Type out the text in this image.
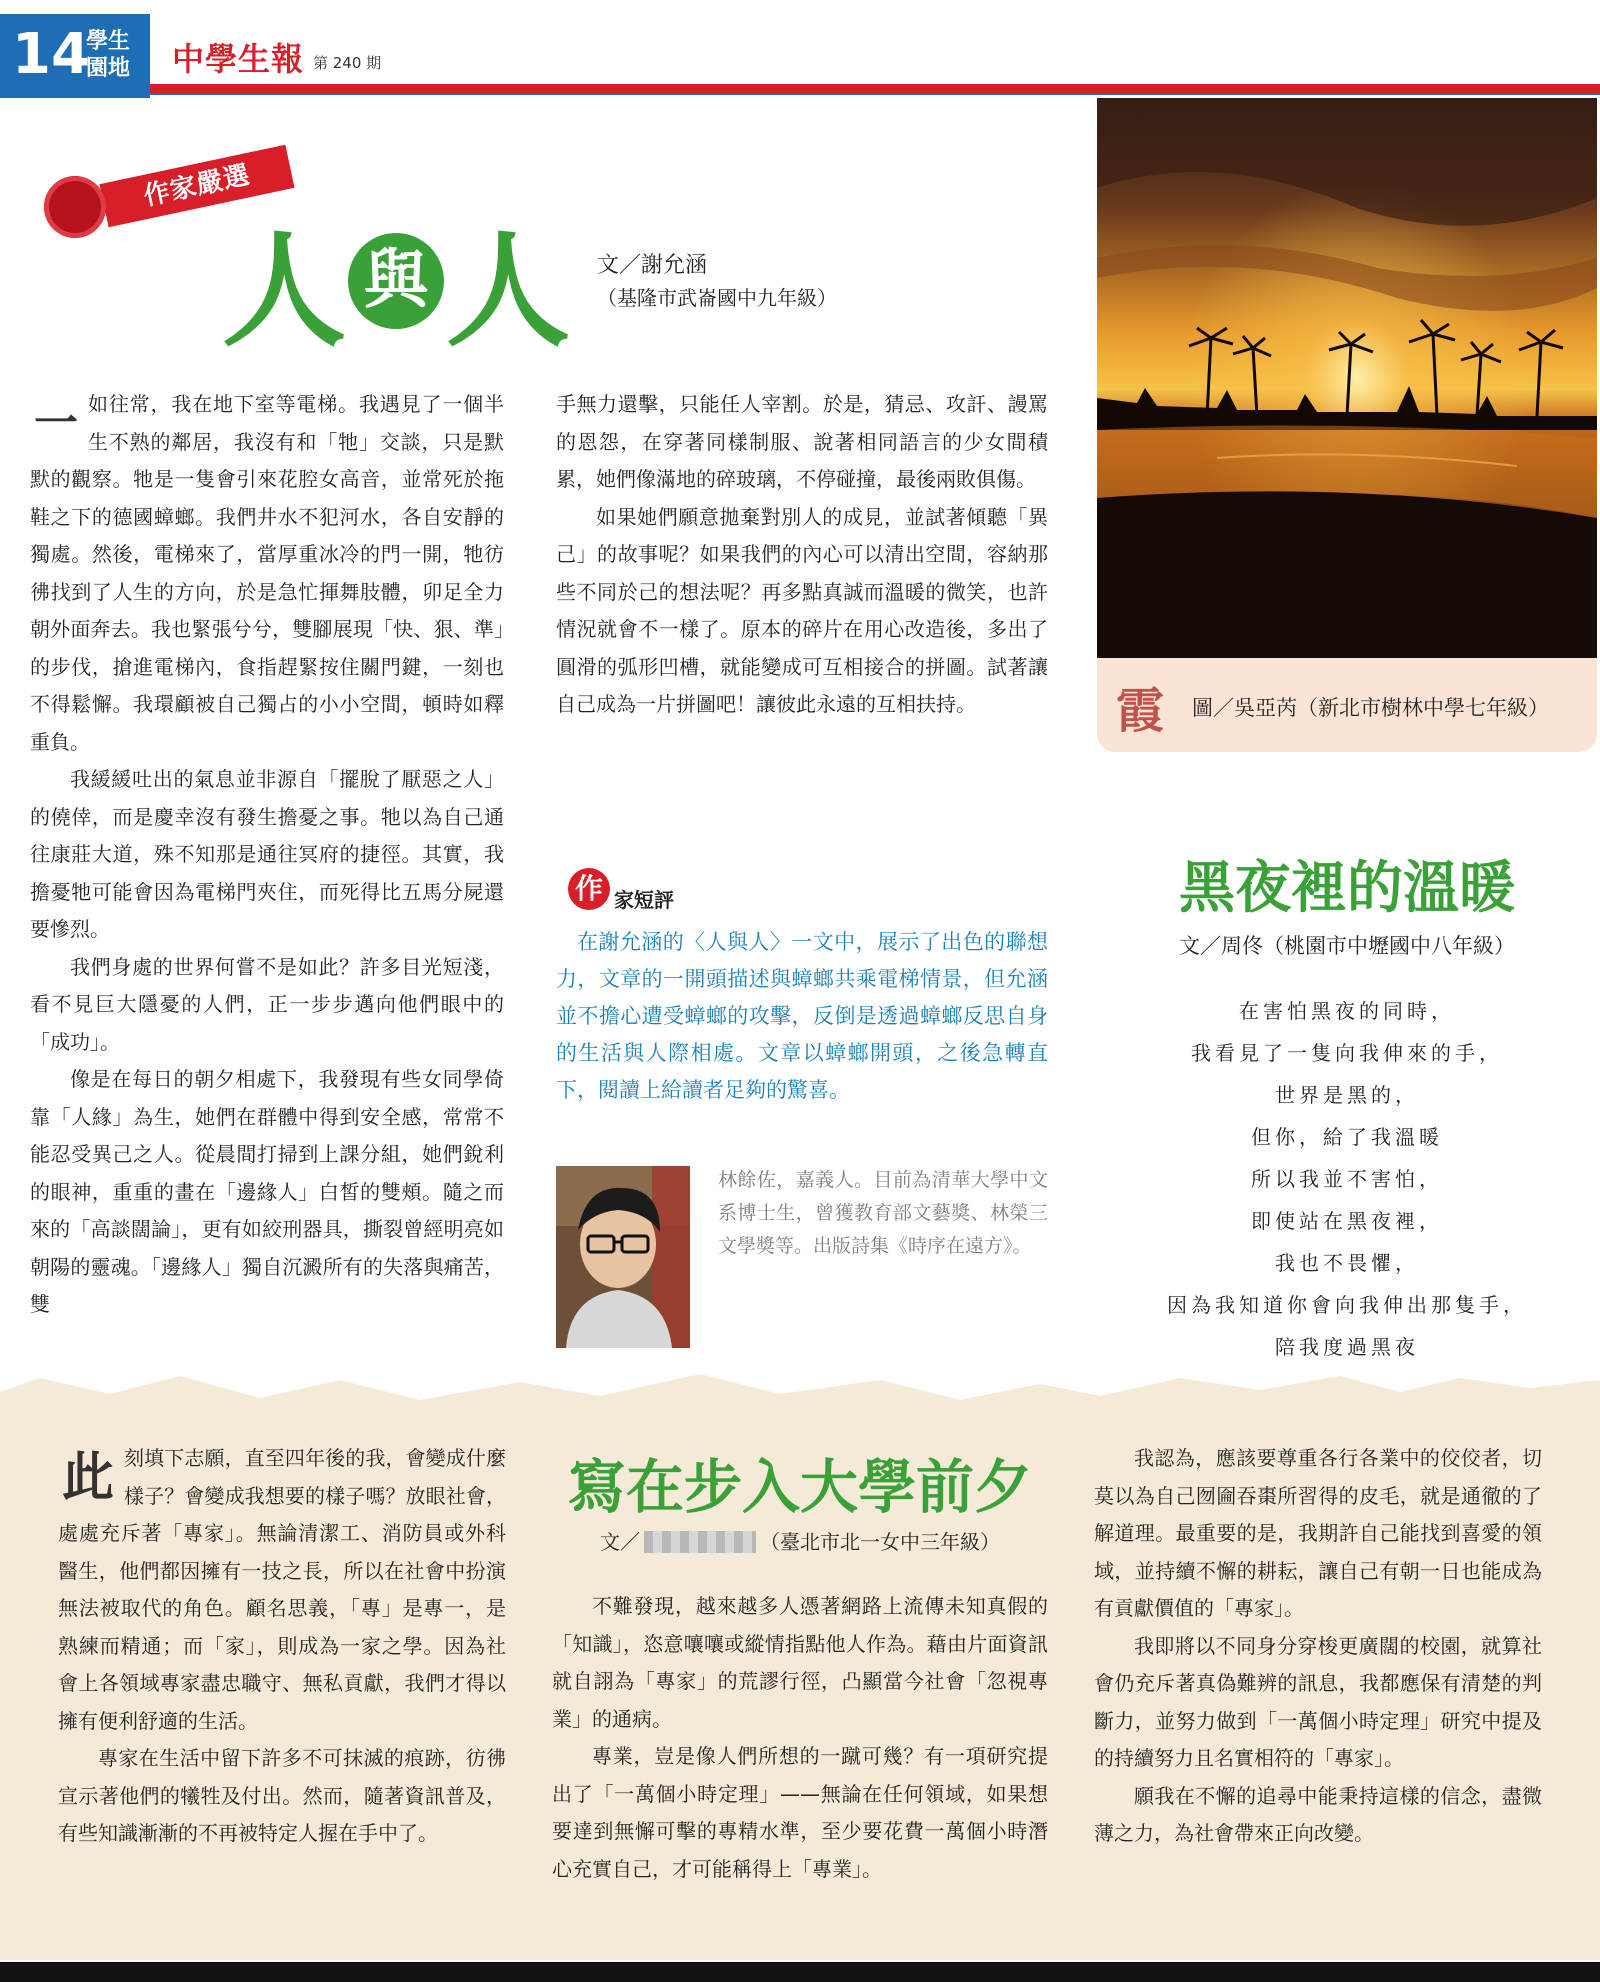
14
學生
園地	中學生報 第 240 期
作家嚴選
人 與 人 文／謝允涵
（基隆市武崙國中九年級）

一如往常，我在地下室等電梯。我遇見了一個半生不熟的鄰居，我沒有和「牠」交談，只是默默的觀察。牠是一隻會引來花腔女高音，並常死於拖鞋之下的德國蟑螂。我們井水不犯河水，各自安靜的獨處。然後，電梯來了，當厚重冰冷的門一開，牠彷彿找到了人生的方向，於是急忙揮舞肢體，卯足全力朝外面奔去。我也緊張兮兮，雙腳展現「快、狠、準」的步伐，搶進電梯內，食指趕緊按住關門鍵，一刻也不得鬆懈。我環顧被自己獨占的小小空間，頓時如釋重負。

我緩緩吐出的氣息並非源自「擺脫了厭惡之人」的僥倖，而是慶幸沒有發生擔憂之事。牠以為自己通往康莊大道，殊不知那是通往冥府的捷徑。其實，我擔憂牠可能會因為電梯門夾住，而死得比五馬分屍還要慘烈。

我們身處的世界何嘗不是如此？許多目光短淺，看不見巨大隱憂的人們，正一步步邁向他們眼中的「成功」。

像是在每日的朝夕相處下，我發現有些女同學倚靠「人緣」為生，她們在群體中得到安全感，常常不能忍受異己之人。從晨間打掃到上課分組，她們銳利的眼神，重重的畫在「邊緣人」白皙的雙頰。隨之而來的「高談闊論」，更有如絞刑器具，撕裂曾經明亮如朝陽的靈魂。「邊緣人」獨自沉澱所有的失落與痛苦，雙

手無力還擊，只能任人宰割。於是，猜忌、攻訐、謾罵的恩怨，在穿著同樣制服、說著相同語言的少女間積累，她們像滿地的碎玻璃，不停碰撞，最後兩敗俱傷。

如果她們願意拋棄對別人的成見，並試著傾聽「異己」的故事呢？如果我們的內心可以清出空間，容納那些不同於己的想法呢？再多點真誠而溫暖的微笑，也許情況就會不一樣了。原本的碎片在用心改造後，多出了圓滑的弧形凹槽，就能變成可互相接合的拼圖。試著讓自己成為一片拼圖吧！讓彼此永遠的互相扶持。

作 家短評

在謝允涵的〈人與人〉一文中，展示了出色的聯想力，文章的一開頭描述與蟑螂共乘電梯情景，但允涵並不擔心遭受蟑螂的攻擊，反倒是透過蟑螂反思自身的生活與人際相處。文章以蟑螂開頭，之後急轉直下，閱讀上給讀者足夠的驚喜。

林餘佐，嘉義人。目前為清華大學中文系博士生，曾獲教育部文藝獎、林榮三文學獎等。出版詩集《時序在遠方》。
霞 圖／吳亞芮（新北市樹林中學七年級）
黑夜裡的溫暖
文／周佟（桃園市中壢國中八年級）
在害怕黑夜的同時，
我看見了一隻向我伸來的手，
世界是黑的，
但你，給了我溫暖
所以我並不害怕，
即使站在黑夜裡，
我也不畏懼，
因為我知道你會向我伸出那隻手，
陪我度過黑夜
寫在步入大學前夕
文／	（臺北市北一女中三年級）

此刻填下志願，直至四年後的我，會變成什麼樣子？會變成我想要的樣子嗎？放眼社會，處處充斥著「專家」。無論清潔工、消防員或外科醫生，他們都因擁有一技之長，所以在社會中扮演無法被取代的角色。顧名思義，「專」是專一，是熟練而精通；而「家」，則成為一家之學。因為社會上各領域專家盡忠職守、無私貢獻，我們才得以擁有便利舒適的生活。

專家在生活中留下許多不可抹滅的痕跡，彷彿宣示著他們的犧牲及付出。然而，隨著資訊普及，有些知識漸漸的不再被特定人握在手中了。

不難發現，越來越多人憑著網路上流傳未知真假的「知識」，恣意嚷嚷或縱情指點他人作為。藉由片面資訊就自詡為「專家」的荒謬行徑，凸顯當今社會「忽視專業」的通病。

專業，豈是像人們所想的一蹴可幾？有一項研究提出了「一萬個小時定理」——無論在任何領域，如果想要達到無懈可擊的專精水準，至少要花費一萬個小時潛心充實自己，才可能稱得上「專業」。

我認為，應該要尊重各行各業中的佼佼者，切莫以為自己囫圇吞棗所習得的皮毛，就是通徹的了解道理。最重要的是，我期許自己能找到喜愛的領域，並持續不懈的耕耘，讓自己有朝一日也能成為有貢獻價值的「專家」。

我即將以不同身分穿梭更廣闊的校園，就算社會仍充斥著真偽難辨的訊息，我都應保有清楚的判斷力，並努力做到「一萬個小時定理」研究中提及的持續努力且名實相符的「專家」。

願我在不懈的追尋中能秉持這樣的信念，盡微薄之力，為社會帶來正向改變。
